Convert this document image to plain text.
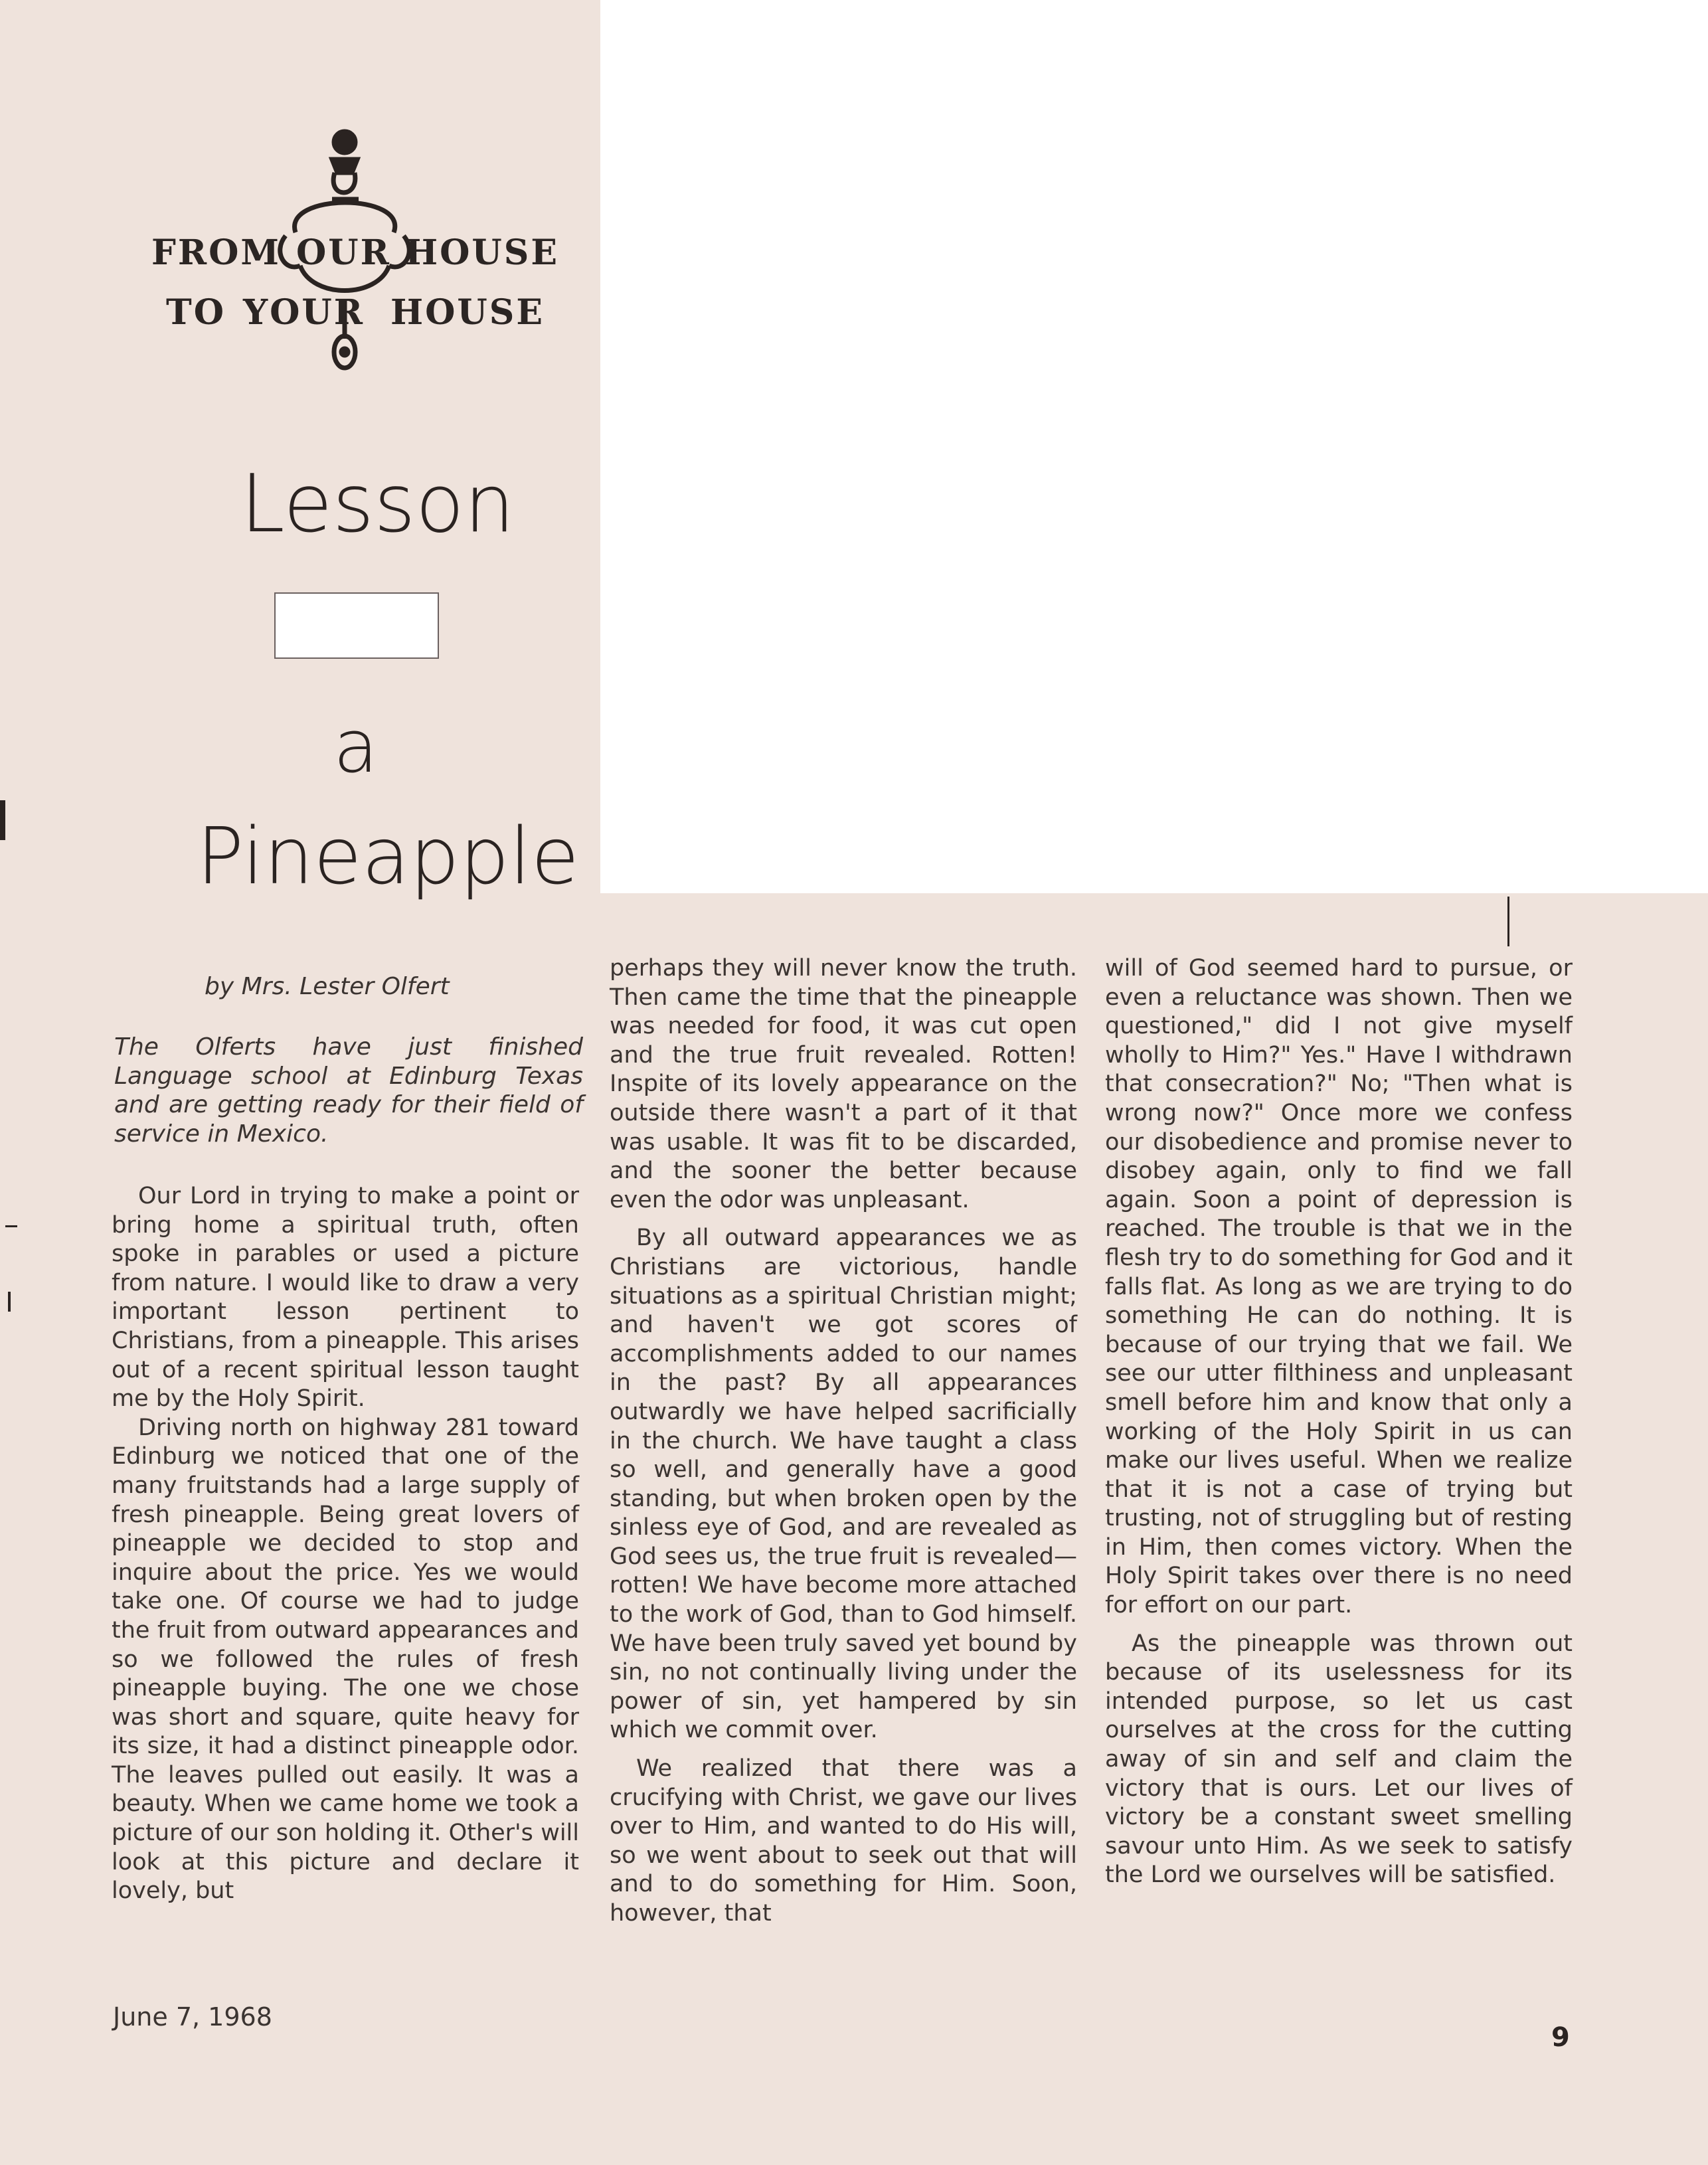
FROM OUR HOUSE
TO YOUR HOUSE
Lesson
a
Pineapple
by Mrs. Lester Olfert
The Olferts have just finished Language school at Edinburg Texas and are getting ready for their field of service in Mexico.

Our Lord in trying to make a point or bring home a spiritual truth, often spoke in parables or used a picture from nature. I would like to draw a very important lesson pertinent to Christians, from a pineapple. This arises out of a recent spiritual lesson taught me by the Holy Spirit.

Driving north on highway 281 toward Edinburg we noticed that one of the many fruitstands had a large supply of fresh pineapple. Being great lovers of pineapple we decided to stop and inquire about the price. Yes we would take one. Of course we had to judge the fruit from outward appearances and so we followed the rules of fresh pineapple buying. The one we chose was short and square, quite heavy for its size, it had a distinct pineapple odor. The leaves pulled out easily. It was a beauty. When we came home we took a picture of our son holding it. Other's will look at this picture and declare it lovely, but

perhaps they will never know the truth. Then came the time that the pineapple was needed for food, it was cut open and the true fruit revealed. Rotten! Inspite of its lovely appearance on the outside there wasn't a part of it that was usable. It was fit to be discarded, and the sooner the better because even the odor was unpleasant.

By all outward appearances we as Christians are victorious, handle situations as a spiritual Christian might; and haven't we got scores of accomplishments added to our names in the past? By all appearances outwardly we have helped sacrificially in the church. We have taught a class so well, and generally have a good standing, but when broken open by the sinless eye of God, and are revealed as God sees us, the true fruit is revealed—rotten! We have become more attached to the work of God, than to God himself. We have been truly saved yet bound by sin, no not continually living under the power of sin, yet hampered by sin which we commit over.

We realized that there was a crucifying with Christ, we gave our lives over to Him, and wanted to do His will, so we went about to seek out that will and to do something for Him. Soon, however, that

will of God seemed hard to pursue, or even a reluctance was shown. Then we questioned," did I not give myself wholly to Him?" Yes." Have I withdrawn that consecration?" No; "Then what is wrong now?" Once more we confess our disobedience and promise never to disobey again, only to find we fall again. Soon a point of depression is reached. The trouble is that we in the flesh try to do something for God and it falls flat. As long as we are trying to do something He can do nothing. It is because of our trying that we fail. We see our utter filthiness and unpleasant smell before him and know that only a working of the Holy Spirit in us can make our lives useful. When we realize that it is not a case of trying but trusting, not of struggling but of resting in Him, then comes victory. When the Holy Spirit takes over there is no need for effort on our part.

As the pineapple was thrown out because of its uselessness for its intended purpose, so let us cast ourselves at the cross for the cutting away of sin and self and claim the victory that is ours. Let our lives of victory be a constant sweet smelling savour unto Him. As we seek to satisfy the Lord we ourselves will be satisfied.

June 7, 1968
9
